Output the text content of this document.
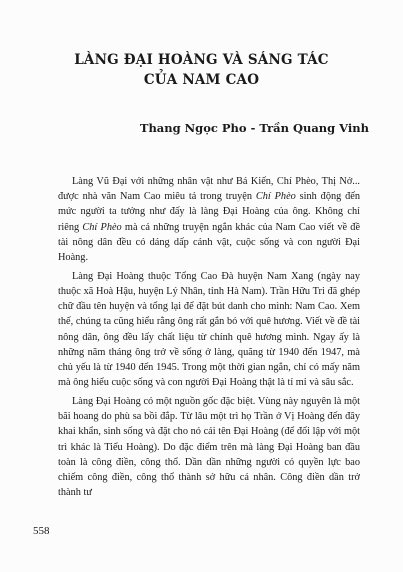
LÀNG ĐẠI HOÀNG VÀ SÁNG TÁC
CỦA NAM CAO

Thang Ngọc Pho - Trần Quang Vinh

Làng Vũ Đại với những nhân vật như Bá Kiến, Chí Phèo, Thị Nở... được nhà văn Nam Cao miêu tả trong truyện Chí Phèo sinh động đến mức người ta tưởng như đấy là làng Đại Hoàng của ông. Không chỉ riêng Chí Phèo mà cả những truyện ngắn khác của Nam Cao viết về đề tài nông dân đều có dáng dấp cảnh vật, cuộc sống và con người Đại Hoàng.

Làng Đại Hoàng thuộc Tổng Cao Đà huyện Nam Xang (ngày nay thuộc xã Hoà Hậu, huyện Lý Nhân, tỉnh Hà Nam). Trần Hữu Tri đã ghép chữ đầu tên huyện và tổng lại để đặt bút danh cho mình: Nam Cao. Xem thế, chúng ta cũng hiểu rằng ông rất gắn bó với quê hương. Viết về đề tài nông dân, ông đều lấy chất liệu từ chính quê hương mình. Ngay ấy là những năm tháng ông trở về sống ở làng, quãng từ 1940 đến 1947, mà chủ yếu là từ 1940 đến 1945. Trong một thời gian ngắn, chỉ có mấy năm mà ông hiểu cuộc sống và con người Đại Hoàng thật là tỉ mỉ và sâu sắc.

Làng Đại Hoàng có một nguồn gốc đặc biệt. Vùng này nguyên là một bãi hoang do phù sa bồi đắp. Từ lâu một trì họ Trần ở Vị Hoàng đến đây khai khẩn, sinh sống và đặt cho nó cái tên Đại Hoàng (để đối lập với một trì khác là Tiểu Hoàng). Do đặc điểm trên mà làng Đại Hoàng ban đầu toàn là công điền, công thổ. Dần dần những người có quyền lực bao chiếm công điền, công thổ thành sở hữu cá nhân. Công điền dần trở thành tư

558
